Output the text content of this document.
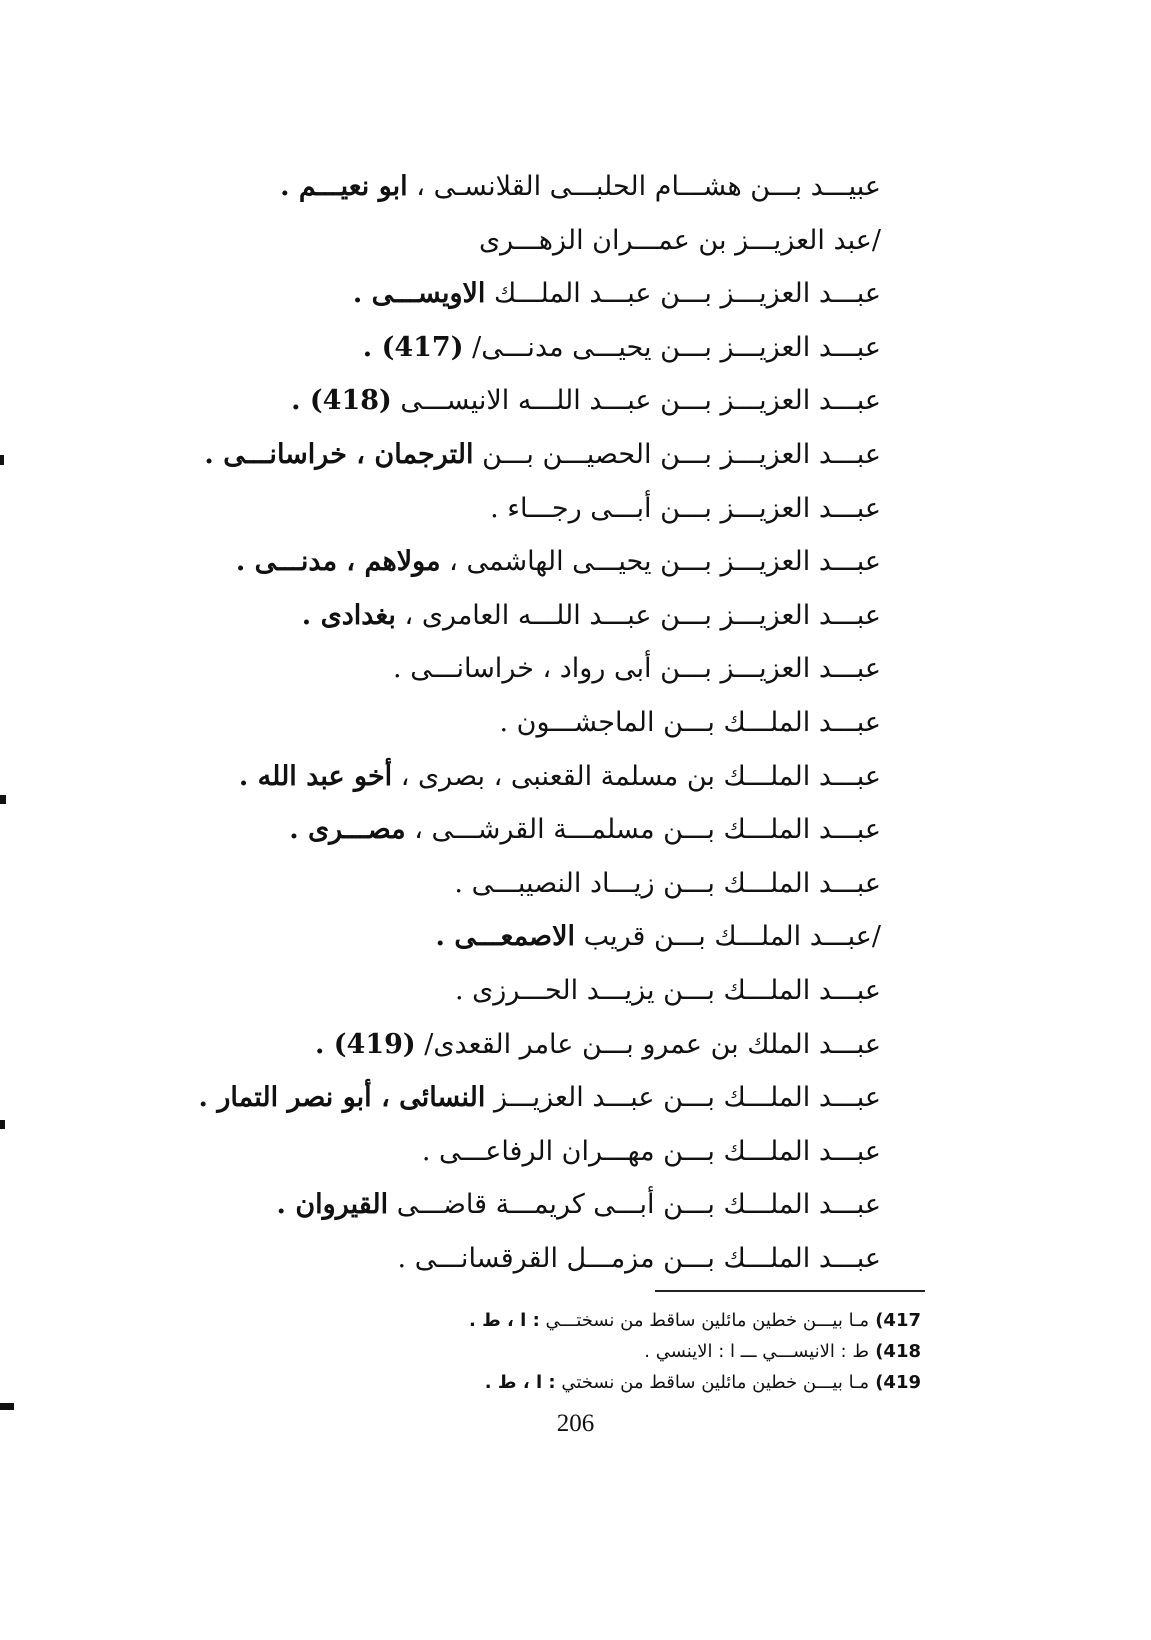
عبيـــد بـــن هشـــام الحلبـــى القلانسـى ، ابو نعيـــم .
/عبد العزيـــز بن عمـــران الزهـــرى
عبـــد العزيـــز بـــن عبـــد الملـــك الاويســـى .
عبـــد العزيـــز بـــن يحيـــى مدنـــى/ (417) .
عبـــد العزيـــز بـــن عبـــد اللـــه الانيســـى (418) .
عبـــد العزيـــز بـــن الحصيـــن بـــن الترجمان ، خراسانـــى .
عبـــد العزيـــز بـــن أبـــى رجـــاء .
عبـــد العزيـــز بـــن يحيـــى الهاشمى ، مولاهم ، مدنـــى .
عبـــد العزيـــز بـــن عبـــد اللـــه العامرى ، بغدادى .
عبـــد العزيـــز بـــن أبى رواد ، خراسانـــى .
عبـــد الملـــك بـــن الماجشـــون .
عبـــد الملـــك بن مسلمة القعنبى ، بصرى ، أخو عبد الله .
عبـــد الملـــك بـــن مسلمـــة القرشـــى ، مصـــرى .
عبـــد الملـــك بـــن زيـــاد النصيبـــى .
/عبـــد الملـــك بـــن قريب الاصمعـــى .
عبـــد الملـــك بـــن يزيـــد الحـــرزى .
عبـــد الملك بن عمرو بـــن عامر القعدى/ (419) .
عبـــد الملـــك بـــن عبـــد العزيـــز النسائى ، أبو نصر التمار .
عبـــد الملـــك بـــن مهـــران الرفاعـــى .
عبـــد الملـــك بـــن أبـــى كريمـــة قاضـــى القيروان .
عبـــد الملـــك بـــن مزمـــل القرقسانـــى .
417)مـا بيـــن خطين مائلين ساقط من نسختـــي : ا ، ط .
418)ط : الانيســـي ـــ ا : الاينسي .
419)مـا بيـــن خطين مائلين ساقط من نسختي : ا ، ط .
206
